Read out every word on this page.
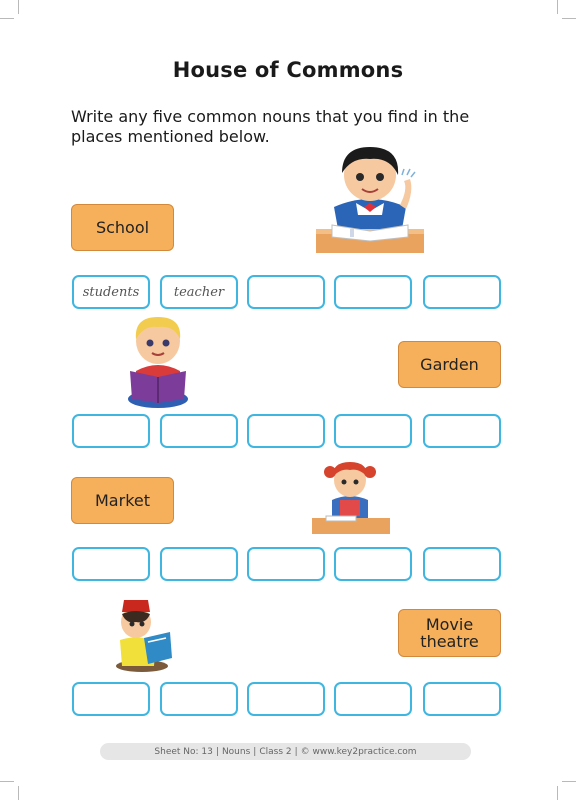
House of Commons
Write any five common nouns that you find in the places mentioned below.
School
students	teacher
Garden
Market
Movie
theatre
Sheet No: 13 | Nouns | Class 2 | © www.key2practice.com
